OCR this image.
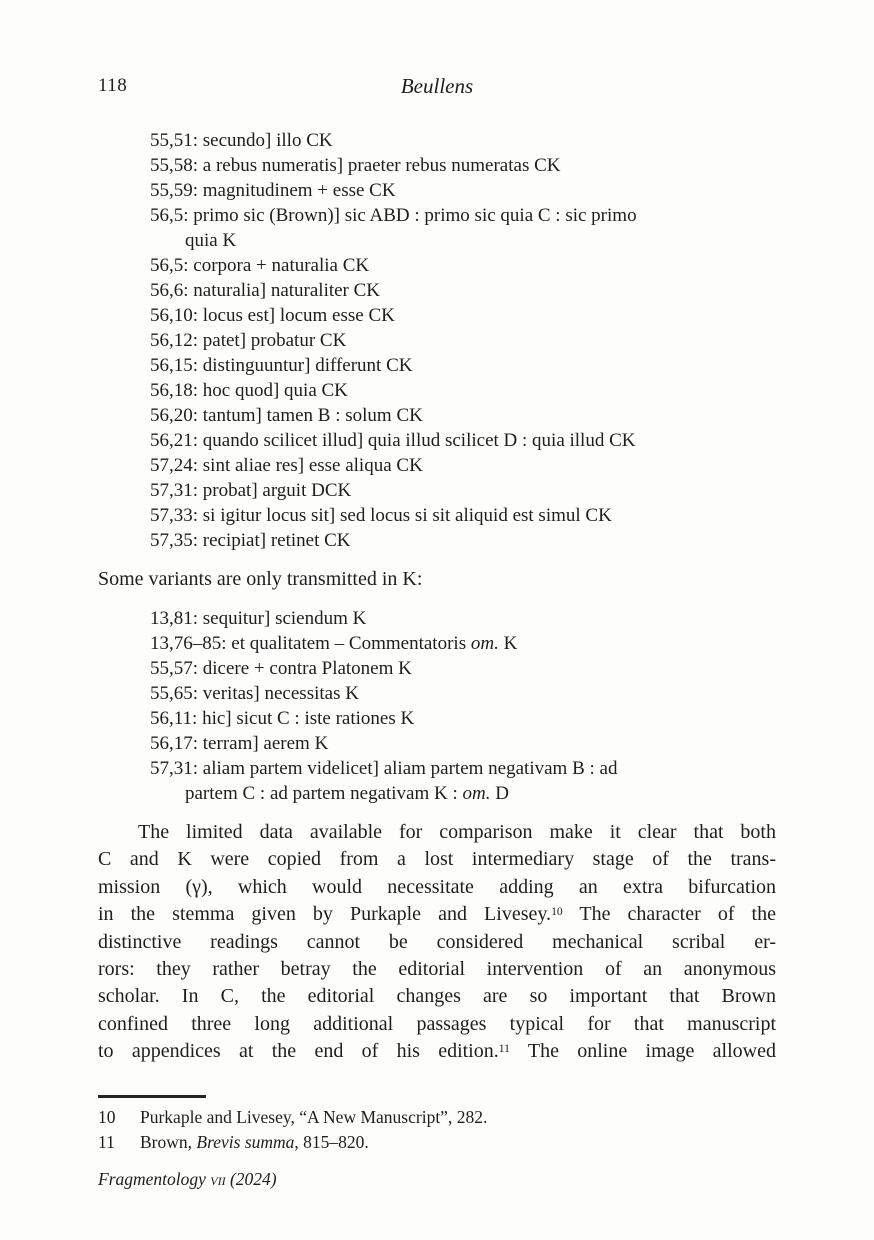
118	Beullens
55,51: secundo] illo CK
55,58: a rebus numeratis] praeter rebus numeratas CK
55,59: magnitudinem + esse CK
56,5: primo sic (Brown)] sic ABD : primo sic quia C : sic primo
quia K
56,5: corpora + naturalia CK
56,6: naturalia] naturaliter CK
56,10: locus est] locum esse CK
56,12: patet] probatur CK
56,15: distinguuntur] differunt CK
56,18: hoc quod] quia CK
56,20: tantum] tamen B : solum CK
56,21: quando scilicet illud] quia illud scilicet D : quia illud CK
57,24: sint aliae res] esse aliqua CK
57,31: probat] arguit DCK
57,33: si igitur locus sit] sed locus si sit aliquid est simul CK
57,35: recipiat] retinet CK
Some variants are only transmitted in K:
13,81: sequitur] sciendum K
13,76–85: et qualitatem – Commentatoris om. K
55,57: dicere + contra Platonem K
55,65: veritas] necessitas K
56,11: hic] sicut C : iste rationes K
56,17: terram] aerem K
57,31: aliam partem videlicet] aliam partem negativam B : ad
partem C : ad partem negativam K : om. D
The limited data available for comparison make it clear that both
C and K were copied from a lost intermediary stage of the trans-
mission (γ), which would necessitate adding an extra bifurcation
in the stemma given by Purkaple and Livesey.$^{10}$ The character of the
distinctive readings cannot be considered mechanical scribal er-
rors: they rather betray the editorial intervention of an anonymous
scholar. In C, the editorial changes are so important that Brown
confined three long additional passages typical for that manuscript
to appendices at the end of his edition.$^{11}$ The online image allowed
10	Purkaple and Livesey, “A New Manuscript”, 282.
11	Brown, Brevis summa, 815–820.
Fragmentology vii (2024)
